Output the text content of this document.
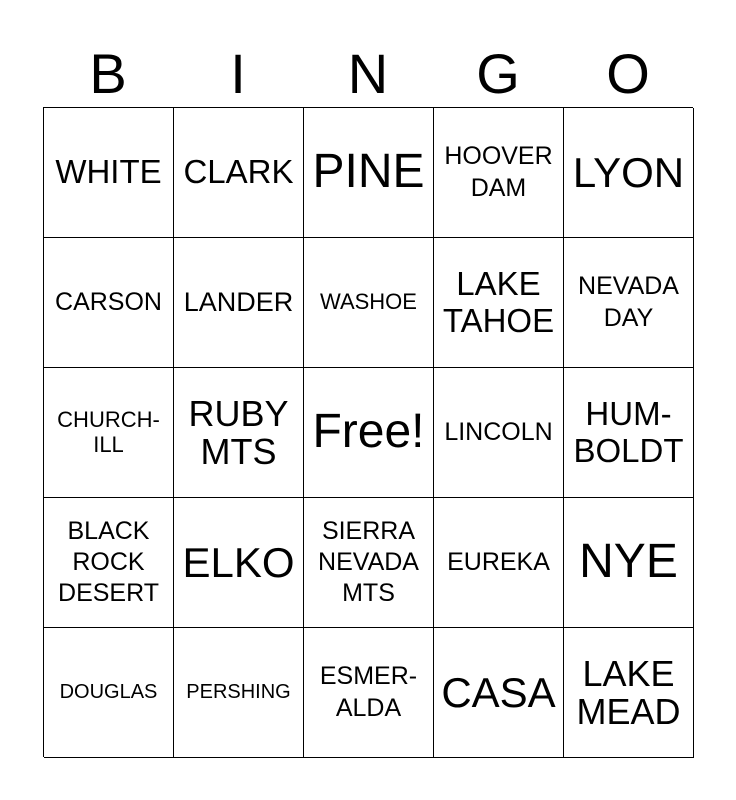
B	I	N	G	O
WHITE CLARK PINE HOOVER
DAM	LYON
CARSON LANDER WASHOE
LAKE
TAHOE
NEVADA
DAY
CHURCH-
ILL
RUBY
MTS Free! LINCOLN
HUM-
BOLDT
BLACK
ROCK
DESERT
ELKO
SIERRA
NEVADA
MTS
EUREKA NYE
DOUGLAS PERSHING
ESMER-
ALDA CASA LAKE
MEAD
